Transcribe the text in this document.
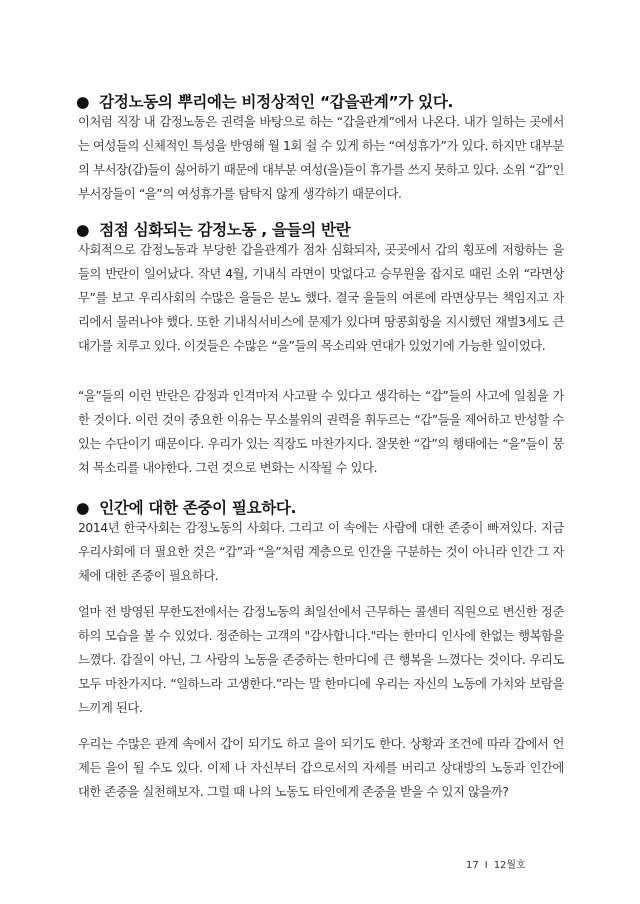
● 감정노동의 뿌리에는 비정상적인 “갑을관계”가 있다.
이처럼 직장 내 감정노동은 권력을 바탕으로 하는 “갑을관계”에서 나온다. 내가 일하는 곳에서는 여성들의 신체적인 특성을 반영해 월 1회 쉴 수 있게 하는 “여성휴가”가 있다. 하지만 대부분의 부서장(갑)들이 싫어하기 때문에 대부분 여성(을)들이 휴가를 쓰지 못하고 있다. 소위 “갑”인 부서장들이 “을”의 여성휴가를 탐탁지 않게 생각하기 때문이다.
● 점점 심화되는 감정노동 , 을들의 반란
사회적으로 감정노동과 부당한 갑을관계가 점차 심화되자, 곳곳에서 갑의 횡포에 저항하는 을들의 반란이 일어났다. 작년 4월, 기내식 라면이 맛없다고 승무원을 잡지로 때린 소위 “라면상무”를 보고 우리사회의 수많은 을들은 분노 했다. 결국 을들의 여론에 라면상무는 책임지고 자리에서 물러나야 했다. 또한 기내식서비스에 문제가 있다며 땅콩회항을 지시했던 재벌3세도 큰 대가를 치루고 있다. 이것들은 수많은 “을”들의 목소리와 연대가 있었기에 가능한 일이었다.
“을”들의 이런 반란은 감정과 인격마저 사고팔 수 있다고 생각하는 “갑”들의 사고에 일침을 가한 것이다. 이런 것이 중요한 이유는 무소불위의 권력을 휘두르는 “갑”들을 제어하고 반성할 수 있는 수단이기 때문이다. 우리가 있는 직장도 마찬가지다. 잘못한 “갑”의 행태에는 “을”들이 뭉쳐 목소리를 내야한다. 그런 것으로 변화는 시작될 수 있다.
● 인간에 대한 존중이 필요하다.
2014년 한국사회는 감정노동의 사회다. 그리고 이 속에는 사람에 대한 존중이 빠져있다. 지금 우리사회에 더 필요한 것은 “갑”과 “을”처럼 계층으로 인간을 구분하는 것이 아니라 인간 그 자체에 대한 존중이 필요하다.
얼마 전 방영된 무한도전에서는 감정노동의 최일선에서 근무하는 콜센터 직원으로 변신한 정준하의 모습을 볼 수 있었다. 정준하는 고객의 "감사합니다."라는 한마디 인사에 한없는 행복함을 느꼈다. 갑질이 아닌, 그 사람의 노동을 존중하는 한마디에 큰 행복을 느꼈다는 것이다. 우리도 모두 마찬가지다. “일하느라 고생한다.”라는 말 한마디에 우리는 자신의 노동에 가치와 보람을 느끼게 된다.
우리는 수많은 관계 속에서 갑이 되기도 하고 을이 되기도 한다. 상황과 조건에 따라 갑에서 언제든 을이 될 수도 있다. 이제 나 자신부터 갑으로서의 자세를 버리고 상대방의 노동과 인간에 대한 존중을 실천해보자. 그럴 때 나의 노동도 타인에게 존중을 받을 수 있지 않을까?
17 I 12월호
